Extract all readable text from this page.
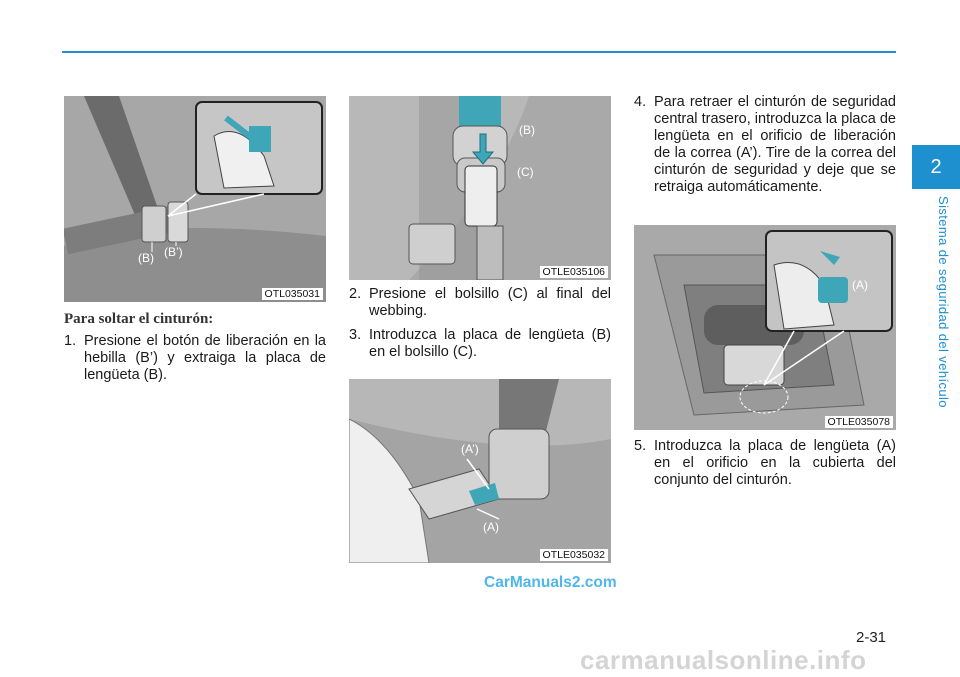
(B) (B’)
OTL035031
Para soltar el cinturón:
1. Presione el botón de liberación en la hebilla (B’) y extraiga la placa de lengüeta (B).
(B)
(C)
OTLE035106
2. Presione el bolsillo (C) al final del webbing.
3. Introduzca la placa de lengüeta (B) en el bolsillo (C).
(A’)
(A)
OTLE035032
4. Para retraer el cinturón de seguridad central trasero, introduzca la placa de lengüeta en el orificio de liberación de la correa (A’). Tire de la correa del cinturón de seguridad y deje que se retraiga automáticamente.
(A)
OTLE035078
5. Introduzca la placa de lengüeta (A) en el orificio en la cubierta del conjunto del cinturón.
2
Sistema de seguridad del vehículo
CarManuals2.com
2-31
carmanualsonline.info
